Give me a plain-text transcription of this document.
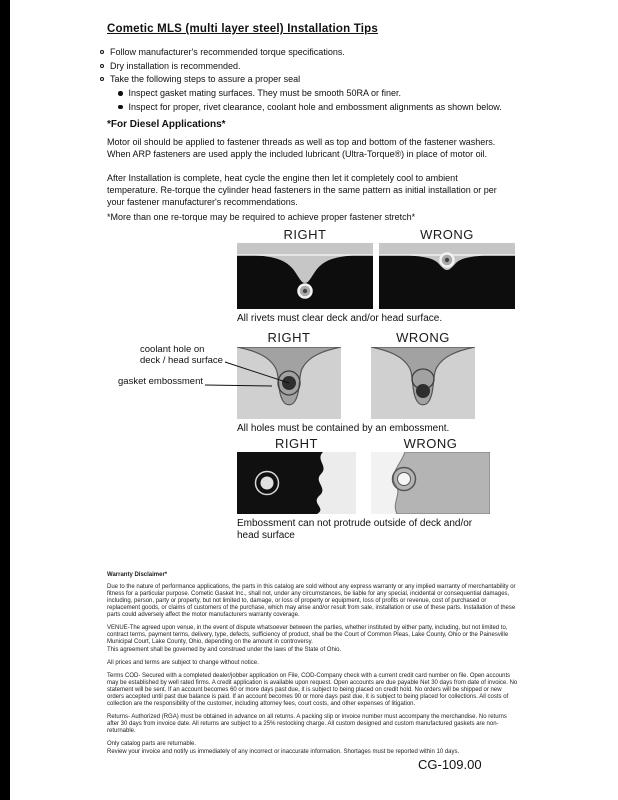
Cometic MLS (multi layer steel) Installation Tips
Follow manufacturer's recommended torque specifications.
Dry installation is recommended.
Take the following steps to assure a proper seal
Inspect gasket mating surfaces. They must be smooth 50RA or finer.
Inspect for proper, rivet clearance, coolant hole and embossment alignments as shown below.
*For Diesel Applications*

Motor oil should be applied to fastener threads as well as top and bottom of the fastener washers. When ARP fasteners are used apply the included lubricant (Ultra-Torque®) in place of motor oil.

After Installation is complete, heat cycle the engine then let it completely cool to ambient temperature. Re-torque the cylinder head fasteners in the same pattern as initial installation or per your fastener manufacturer's recommendations.

*More than one re-torque may be required to achieve proper fastener stretch*

RIGHT	WRONG
All rivets must clear deck and/or head surface.
RIGHT	WRONG
coolant hole on deck / head surface
gasket embossment
All holes must be contained by an embossment.
RIGHT	WRONG
Embossment can not protrude outside of deck and/or head surface
Warranty Disclaimer*

Due to the nature of performance applications, the parts in this catalog are sold without any express warranty or any implied warranty of merchantability or fitness for a particular purpose. Cometic Gasket Inc., shall not, under any circumstances, be liable for any special, incidental or consequential damages, including, person, party or property, but not limited to, damage, or loss of property or equipment, loss of profits or revenue, cost of purchased or replacement goods, or claims of customers of the purchase, which may arise and/or result from sale, installation or use of these parts. Installation of these parts could adversely affect the motor manufacturers warranty coverage.

VENUE-The agreed upon venue, in the event of dispute whatsoever between the parties, whether instituted by either party, including, but not limited to, contract terms, payment terms, delivery, type, defects, sufficiency of product, shall be the Court of Common Pleas, Lake County, Ohio or the Painesville Municipal Court, Lake County, Ohio, depending on the amount in controversy.

This agreement shall be governed by and construed under the laws of the State of Ohio.

All prices and terms are subject to change without notice.

Terms COD- Secured with a completed dealer/jobber application on File, COD-Company check with a current credit card number on file. Open accounts may be established by well rated firms. A credit application is available upon request. Open accounts are due payable Net 30 days from date of invoice. No statement will be sent. If an account becomes 60 or more days past due, it is subject to being placed on credit hold. No orders will be shipped or new orders accepted until past due balance is paid. If an account becomes 90 or more days past due, it is subject to being placed for collections. All costs of collection are the responsibility of the customer, including attorney fees, court costs, and other expenses of litigation.

Returns- Authorized (RGA) must be obtained in advance on all returns. A packing slip or invoice number must accompany the merchandise. No returns after 30 days from invoice date. All returns are subject to a 25% restocking charge. All custom designed and custom manufactured gaskets are non-returnable.

Only catalog parts are returnable.

Review your invoice and notify us immediately of any incorrect or inaccurate information. Shortages must be reported within 10 days.

CG-109.00
